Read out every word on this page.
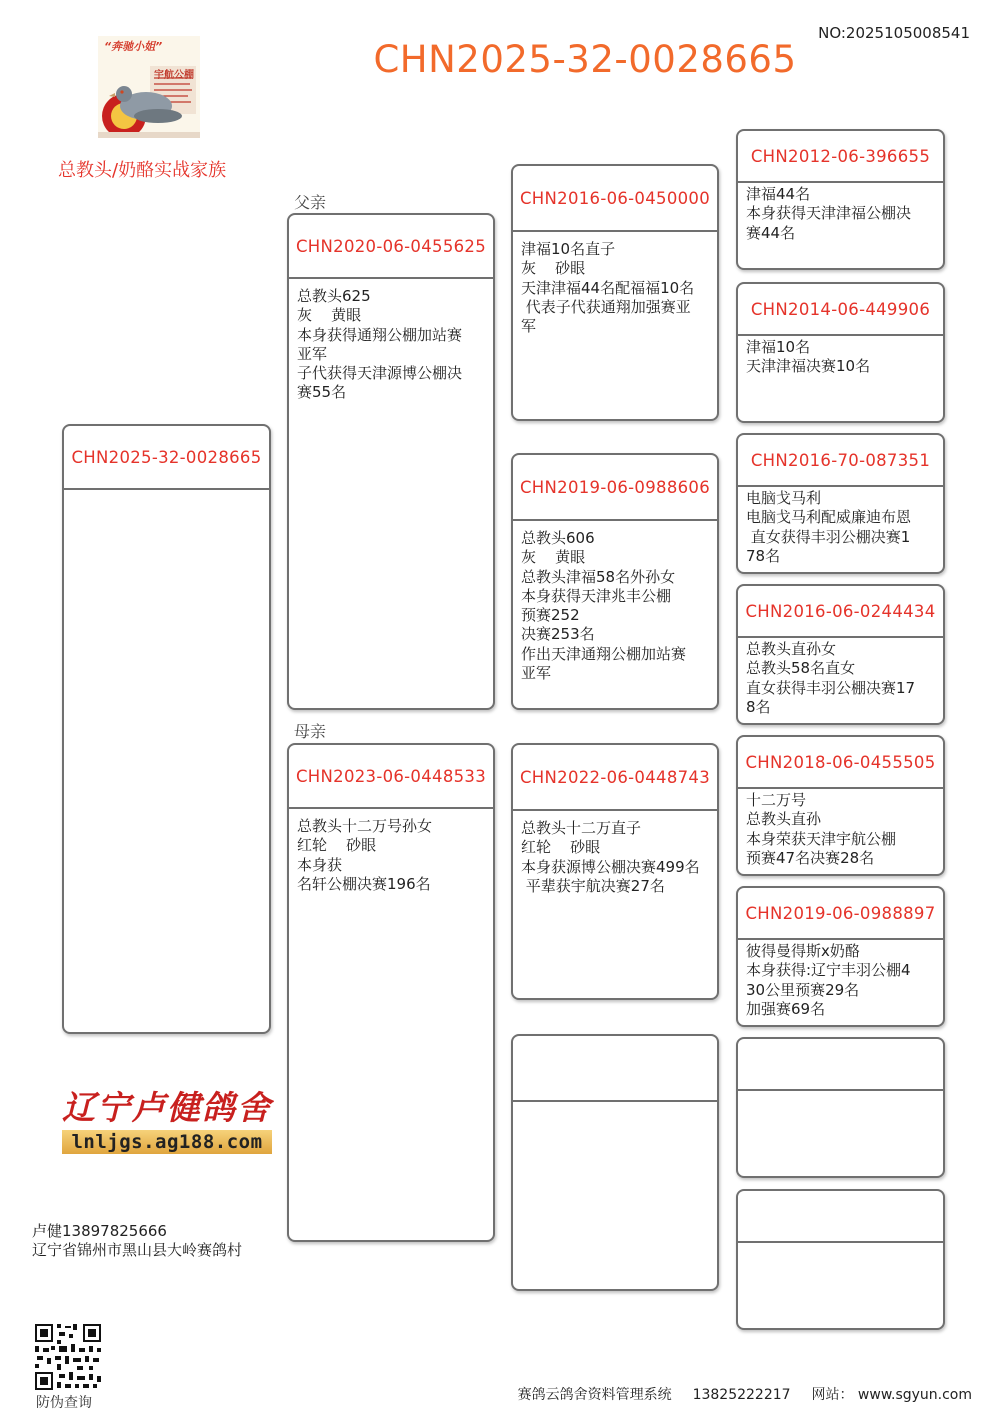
NO:2025105008541
CHN2025-32-0028665
“奔驰小姐”
宇航公棚
总教头/奶酪实战家族
父亲
母亲
CHN2025-32-0028665
CHN2020-06-0455625
总教头625
灰    黄眼
本身获得通翔公棚加站赛
亚军
子代获得天津源博公棚决
赛55名
CHN2023-06-0448533
总教头十二万号孙女
红轮    砂眼
本身获
名轩公棚决赛196名
CHN2016-06-0450000
津福10名直子
灰    砂眼
天津津福44名配福福10名
代表子代获通翔加强赛亚
军
CHN2019-06-0988606
总教头606
灰    黄眼
总教头津福58名外孙女
本身获得天津兆丰公棚
预赛252
决赛253名
作出天津通翔公棚加站赛
亚军
CHN2022-06-0448743
总教头十二万直子
红轮    砂眼
本身获源博公棚决赛499名
平辈获宇航决赛27名
CHN2012-06-396655
津福44名
本身获得天津津福公棚决
赛44名
CHN2014-06-449906
津福10名
天津津福决赛10名
CHN2016-70-087351
电脑戈马利
电脑戈马利配威廉迪布恩
直女获得丰羽公棚决赛1
78名
CHN2016-06-0244434
总教头直孙女
总教头58名直女
直女获得丰羽公棚决赛17
8名
CHN2018-06-0455505
十二万号
总教头直孙
本身荣获天津宇航公棚
预赛47名决赛28名
CHN2019-06-0988897
彼得曼得斯x奶酪
本身获得:辽宁丰羽公棚4
30公里预赛29名
加强赛69名
辽宁卢健鸽舍
lnljgs.ag188.com
卢健13897825666
辽宁省锦州市黑山县大岭赛鸽村
防伪查询	赛鸽云鸽舍资料管理系统 13825222217 网站： www.sgyun.com
